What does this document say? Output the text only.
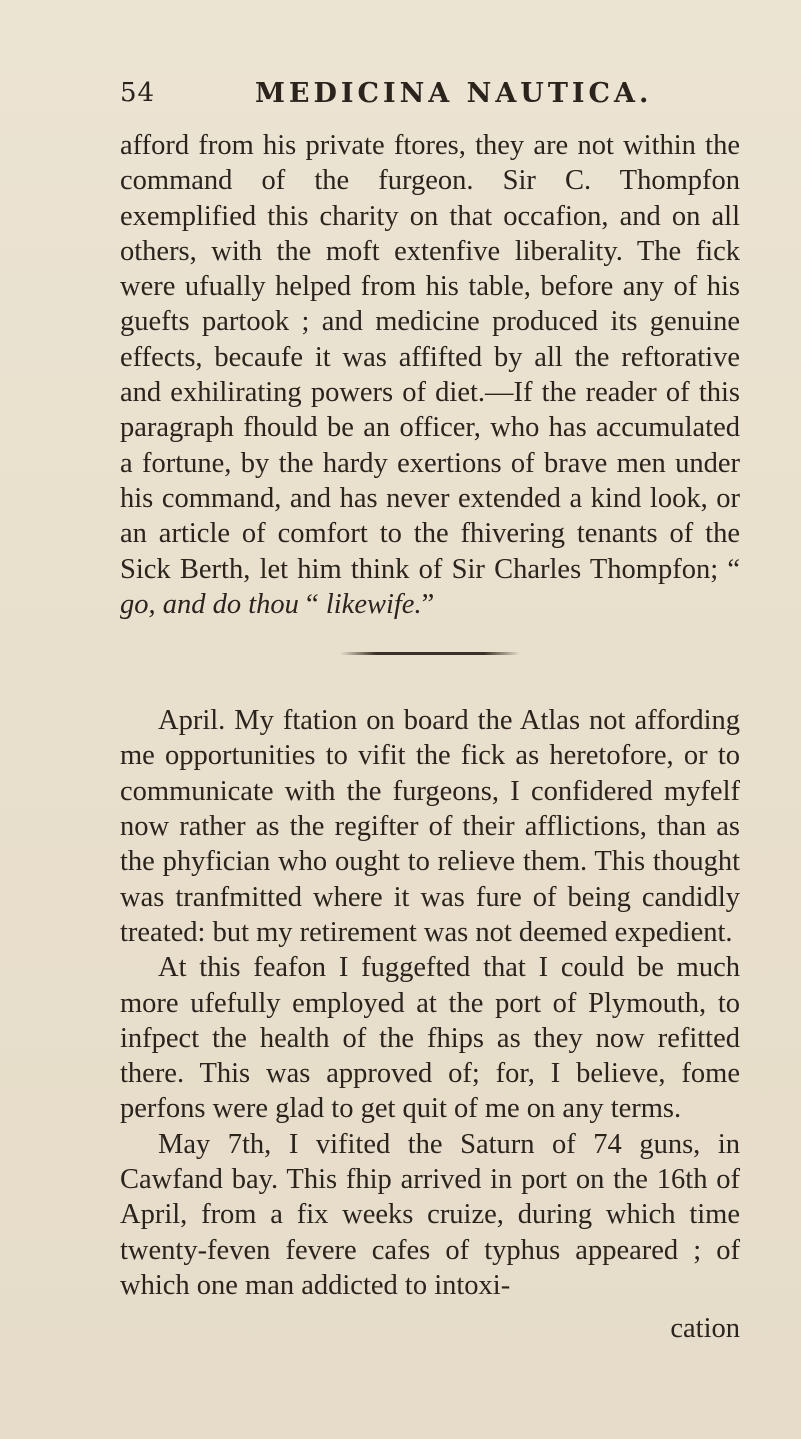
54	MEDICINA NAUTICA.

afford from his private ftores, they are not within the command of the furgeon. Sir C. Thompfon exemplified this charity on that occafion, and on all others, with the moft extenfive liberality. The fick were ufually helped from his table, before any of his guefts partook ; and medicine produced its genuine effects, becaufe it was affifted by all the reftorative and exhilirating powers of diet.—If the reader of this paragraph fhould be an officer, who has accumulated a fortune, by the hardy exertions of brave men under his command, and has never extended a kind look, or an article of comfort to the fhivering tenants of the Sick Berth, let him think of Sir Charles Thompfon; “ go, and do thou “ likewife.”

April. My ftation on board the Atlas not affording me opportunities to vifit the fick as heretofore, or to communicate with the furgeons, I confidered myfelf now rather as the regifter of their afflictions, than as the phyfician who ought to relieve them. This thought was tranfmitted where it was fure of being candidly treated: but my retirement was not deemed expedient.

At this feafon I fuggefted that I could be much more ufefully employed at the port of Plymouth, to infpect the health of the fhips as they now refitted there. This was approved of; for, I believe, fome perfons were glad to get quit of me on any terms.

May 7th, I vifited the Saturn of 74 guns, in Cawfand bay. This fhip arrived in port on the 16th of April, from a fix weeks cruize, during which time twenty-feven fevere cafes of typhus appeared ; of which one man addicted to intoxi-

cation
